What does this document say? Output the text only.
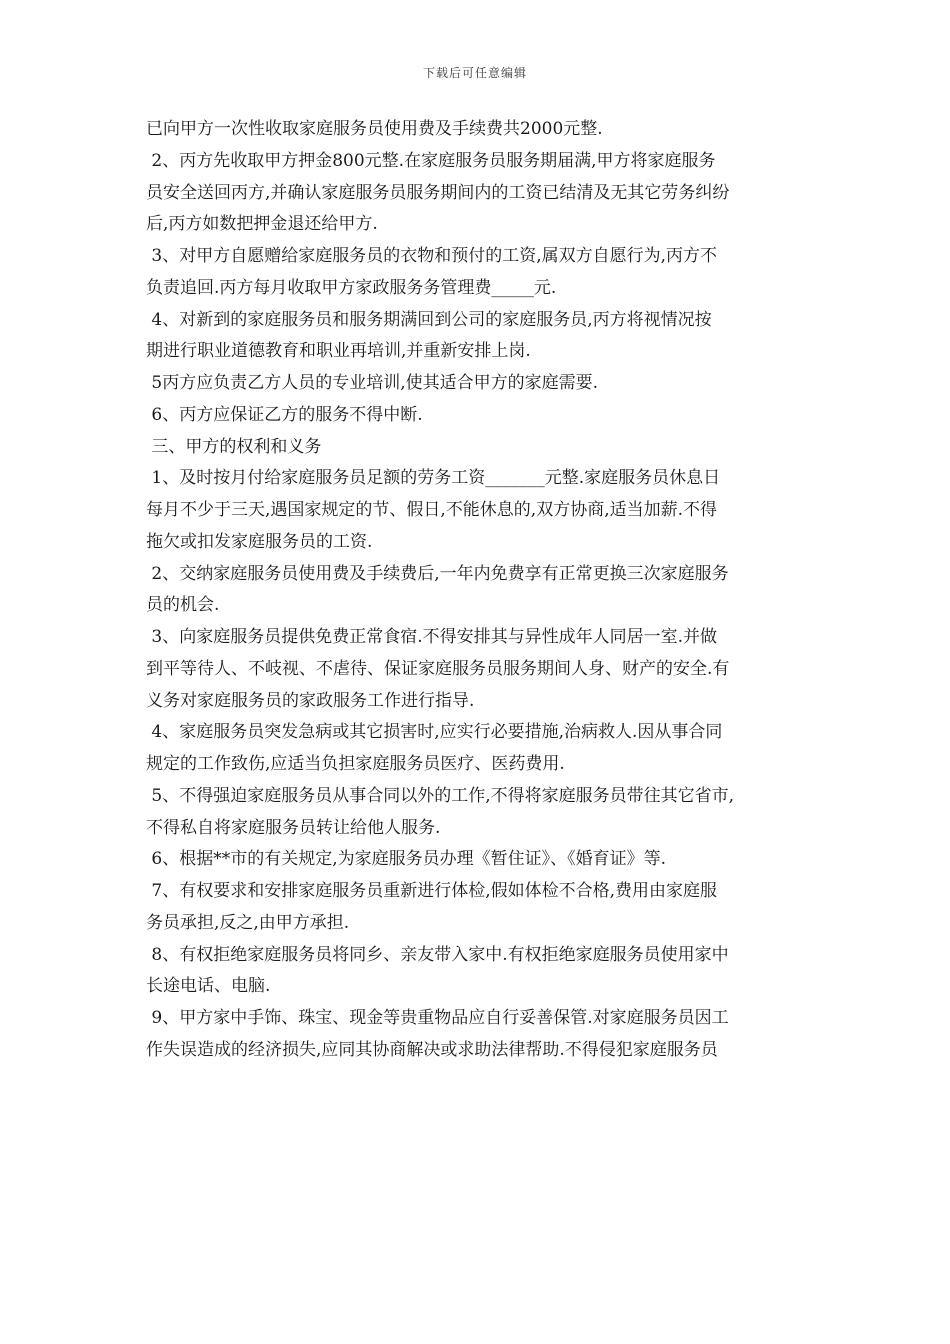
下载后可任意编辑
已向甲方一次性收取家庭服务员使用费及手续费共2000元整.
2、丙方先收取甲方押金800元整.在家庭服务员服务期届满,甲方将家庭服务
员安全送回丙方,并确认家庭服务员服务期间内的工资已结清及无其它劳务纠纷
后,丙方如数把押金退还给甲方.
3、对甲方自愿赠给家庭服务员的衣物和预付的工资,属双方自愿行为,丙方不
负责追回.丙方每月收取甲方家政服务务管理费_____元.
4、对新到的家庭服务员和服务期满回到公司的家庭服务员,丙方将视情况按
期进行职业道德教育和职业再培训,并重新安排上岗.
5丙方应负责乙方人员的专业培训,使其适合甲方的家庭需要.
6、丙方应保证乙方的服务不得中断.
三、甲方的权利和义务
1、及时按月付给家庭服务员足额的劳务工资_______元整.家庭服务员休息日
每月不少于三天,遇国家规定的节、假日,不能休息的,双方协商,适当加薪.不得
拖欠或扣发家庭服务员的工资.
2、交纳家庭服务员使用费及手续费后,一年内免费享有正常更换三次家庭服务
员的机会.
3、向家庭服务员提供免费正常食宿.不得安排其与异性成年人同居一室.并做
到平等待人、不岐视、不虐待、保证家庭服务员服务期间人身、财产的安全.有
义务对家庭服务员的家政服务工作进行指导.
4、家庭服务员突发急病或其它损害时,应实行必要措施,治病救人.因从事合同
规定的工作致伤,应适当负担家庭服务员医疗、医药费用.
5、不得强迫家庭服务员从事合同以外的工作,不得将家庭服务员带往其它省市,
不得私自将家庭服务员转让给他人服务.
6、根据**市的有关规定,为家庭服务员办理《暂住证》、《婚育证》等.
7、有权要求和安排家庭服务员重新进行体检,假如体检不合格,费用由家庭服
务员承担,反之,由甲方承担.
8、有权拒绝家庭服务员将同乡、亲友带入家中.有权拒绝家庭服务员使用家中
长途电话、电脑.
9、甲方家中手饰、珠宝、现金等贵重物品应自行妥善保管.对家庭服务员因工
作失误造成的经济损失,应同其协商解决或求助法律帮助.不得侵犯家庭服务员
